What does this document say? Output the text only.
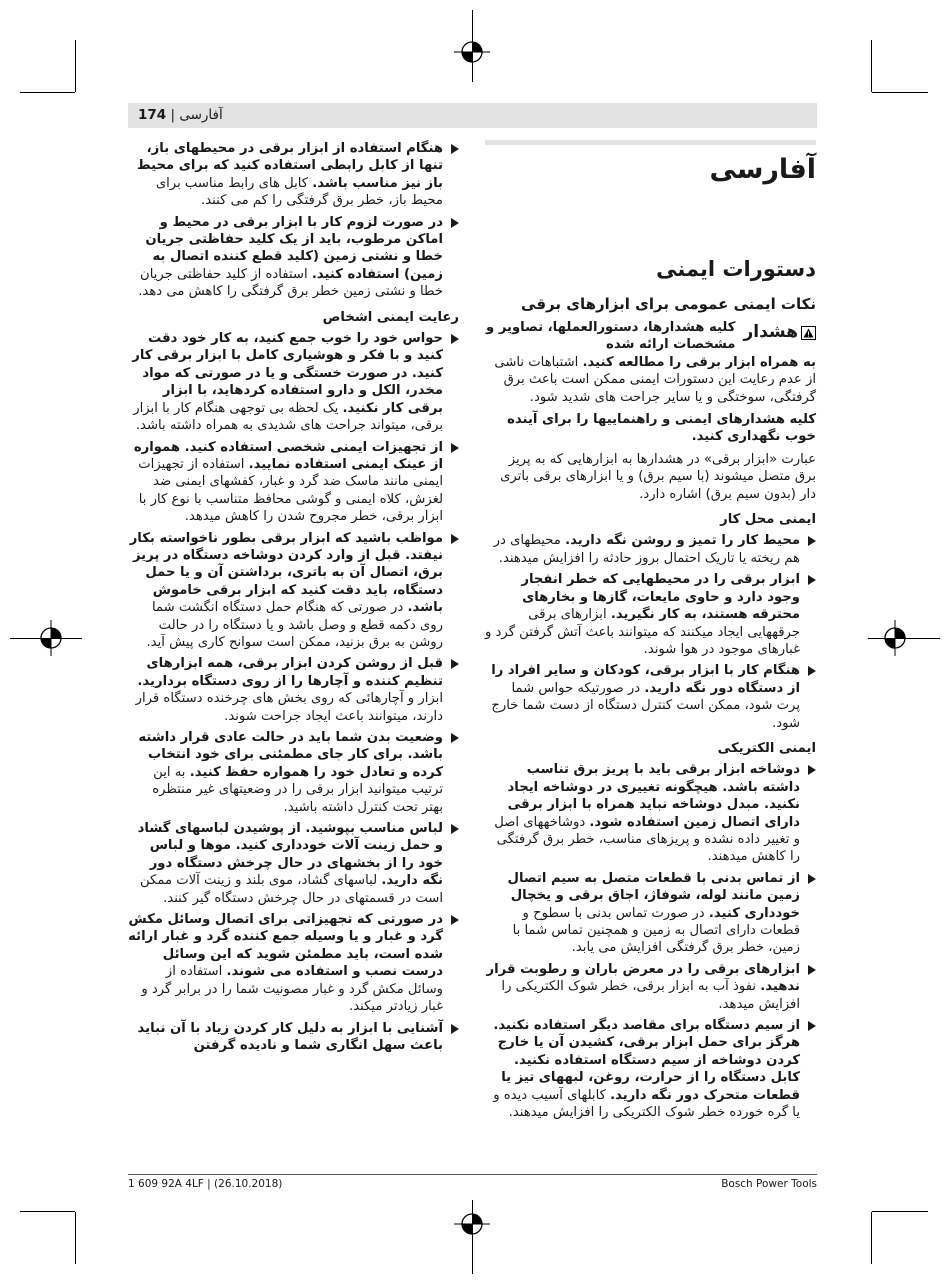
آفارسی | 174
آفارسی
دستورات ایمنی
نکات ایمنی عمومی برای ابزارهای برقی
هشدار
کلیه هشدارها، دستورالعملها، تصاویر و مشخصات ارائه شده
به همراه ابزار برقی را مطالعه کنید. اشتباهات ناشی از عدم رعایت این دستورات ایمنی ممکن است باعث برق گرفتگی، سوختگی و یا سایر جراحت های شدید شود.
کلیه هشدارهای ایمنی و راهنماییها را برای آینده خوب نگهداری کنید.
عبارت «ابزار برقی» در هشدارها به ابزارهایی که به پریز برق متصل میشوند (با سیم برق) و یا ابزارهای برقی باتری دار (بدون سیم برق) اشاره دارد.
ایمنی محل کار
محیط کار را تمیز و روشن نگه دارید. محیطهای در هم ریخته یا تاریک احتمال بروز حادثه را افزایش میدهند.
ابزار برقی را در محیطهایی که خطر انفجار وجود دارد و حاوی مایعات، گازها و بخارهای محترقه هستند، به کار نگیرید. ابزارهای برقی جرقههایی ایجاد میکنند که میتوانند باعث آتش گرفتن گرد و غبارهای موجود در هوا شوند.
هنگام کار با ابزار برقی، کودکان و سایر افراد را از دستگاه دور نگه دارید. در صورتیکه حواس شما پرت شود، ممکن است کنترل دستگاه از دست شما خارج شود.
ایمنی الکتریکی
دوشاخه ابزار برقی باید با پریز برق تناسب داشته باشد. هیچگونه تغییری در دوشاخه ایجاد نکنید. مبدل دوشاخه نباید همراه با ابزار برقی دارای اتصال زمین استفاده شود. دوشاخههای اصل و تغییر داده نشده و پریزهای مناسب، خطر برق گرفتگی را کاهش میدهند.
از تماس بدنی با قطعات متصل به سیم اتصال زمین مانند لوله، شوفاژ، اجاق برقی و یخچال خودداری کنید. در صورت تماس بدنی با سطوح و قطعات دارای اتصال به زمین و همچنین تماس شما با زمین، خطر برق گرفتگی افزایش می یابد.
ابزارهای برقی را در معرض باران و رطوبت قرار ندهید. نفوذ آب به ابزار برقی، خطر شوک الکتریکی را افزایش میدهد.
از سیم دستگاه برای مقاصد دیگر استفاده نکنید. هرگز برای حمل ابزار برقی، کشیدن آن یا خارج کردن دوشاخه از سیم دستگاه استفاده نکنید. کابل دستگاه را از حرارت، روغن، لبههای تیز یا قطعات متحرک دور نگه دارید. کابلهای آسیب دیده و یا گره خورده خطر شوک الکتریکی را افزایش میدهند.
هنگام استفاده از ابزار برقی در محیطهای باز، تنها از کابل رابطی استفاده کنید که برای محیط باز نیز مناسب باشد. کابل های رابط مناسب برای محیط باز، خطر برق گرفتگی را کم می کنند.
در صورت لزوم کار با ابزار برقی در محیط و اماکن مرطوب، باید از یک کلید حفاظتی جریان خطا و نشتی زمین (کلید قطع کننده اتصال به زمین) استفاده کنید. استفاده از کلید حفاظتی جریان خطا و نشتی زمین خطر برق گرفتگی را کاهش می دهد.
رعایت ایمنی اشخاص
حواس خود را خوب جمع کنید، به کار خود دقت کنید و با فکر و هوشیاری کامل با ابزار برقی کار کنید. در صورت خستگی و یا در صورتی که مواد مخدر، الکل و دارو استفاده کردهاید، با ابزار برقی کار نکنید. یک لحظه بی توجهی هنگام کار با ابزار برقی، میتواند جراحت های شدیدی به همراه داشته باشد.
از تجهیزات ایمنی شخصی استفاده کنید. همواره از عینک ایمنی استفاده نمایید. استفاده از تجهیزات ایمنی مانند ماسک ضد گرد و غبار، کفشهای ایمنی ضد لغزش، کلاه ایمنی و گوشی محافظ متناسب با نوع کار با ابزار برقی، خطر مجروح شدن را کاهش میدهد.
مواظب باشید که ابزار برقی بطور ناخواسته بکار نیفتد. قبل از وارد کردن دوشاخه دستگاه در پریز برق، اتصال آن به باتری، برداشتن آن و یا حمل دستگاه، باید دقت کنید که ابزار برقی خاموش باشد. در صورتی که هنگام حمل دستگاه انگشت شما روی دکمه قطع و وصل باشد و یا دستگاه را در حالت روشن به برق بزنید، ممکن است سوانح کاری پیش آید.
قبل از روشن کردن ابزار برقی، همه ابزارهای تنظیم کننده و آچارها را از روی دستگاه بردارید. ابزار و آچارهائی که روی بخش های چرخنده دستگاه قرار دارند، میتوانند باعث ایجاد جراحت شوند.
وضعیت بدن شما باید در حالت عادی قرار داشته باشد. برای کار جای مطمئنی برای خود انتخاب کرده و تعادل خود را همواره حفظ کنید. به این ترتیب میتوانید ابزار برقی را در وضعیتهای غیر منتظره بهتر تحت کنترل داشته باشید.
لباس مناسب بپوشید. از پوشیدن لباسهای گشاد و حمل زینت آلات خودداری کنید. موها و لباس خود را از بخشهای در حال چرخش دستگاه دور نگه دارید. لباسهای گشاد، موی بلند و زینت آلات ممکن است در قسمتهای در حال چرخش دستگاه گیر کنند.
در صورتی که تجهیزاتی برای اتصال وسائل مکش گرد و غبار و یا وسیله جمع کننده گرد و غبار ارائه شده است، باید مطمئن شوید که این وسائل درست نصب و استفاده می شوند. استفاده از وسائل مکش گرد و غبار مصونیت شما را در برابر گرد و غبار زیادتر میکند.
آشنایی با ابزار به دلیل کار کردن زیاد با آن نباید باعث سهل انگاری شما و نادیده گرفتن
1 609 92A 4LF | (26.10.2018)	Bosch Power Tools
